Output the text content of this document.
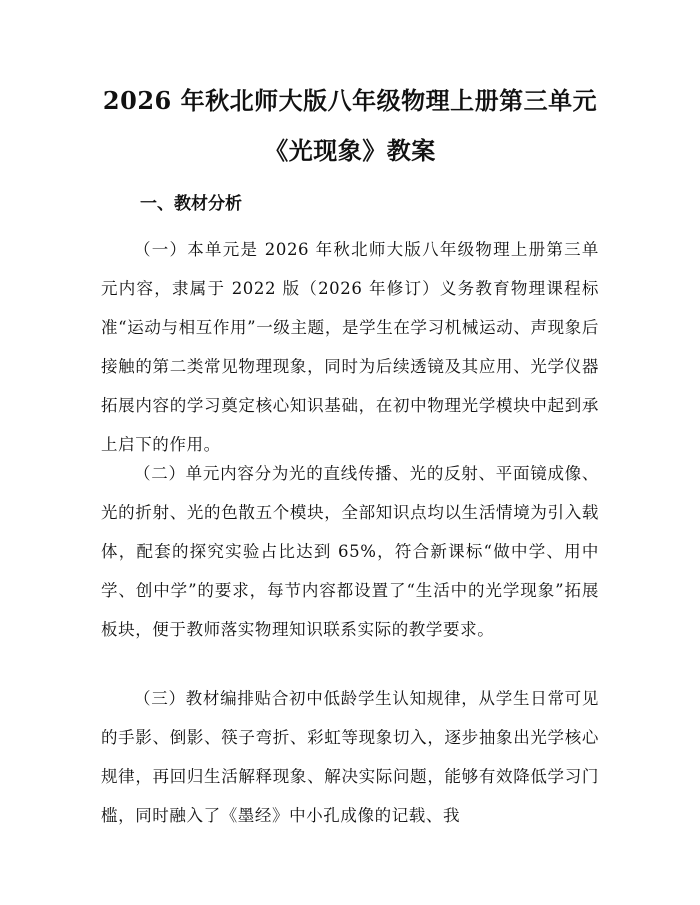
2026 年秋北师大版八年级物理上册第三单元
《光现象》教案
一、教材分析

（一）本单元是 2026 年秋北师大版八年级物理上册第三单元内容，隶属于 2022 版（2026 年修订）义务教育物理课程标准“运动与相互作用”一级主题，是学生在学习机械运动、声现象后接触的第二类常见物理现象，同时为后续透镜及其应用、光学仪器拓展内容的学习奠定核心知识基础，在初中物理光学模块中起到承上启下的作用。

（二）单元内容分为光的直线传播、光的反射、平面镜成像、光的折射、光的色散五个模块，全部知识点均以生活情境为引入载体，配套的探究实验占比达到 65%，符合新课标“做中学、用中学、创中学”的要求，每节内容都设置了“生活中的光学现象”拓展板块，便于教师落实物理知识联系实际的教学要求。

（三）教材编排贴合初中低龄学生认知规律，从学生日常可见的手影、倒影、筷子弯折、彩虹等现象切入，逐步抽象出光学核心规律，再回归生活解释现象、解决实际问题，能够有效降低学习门槛，同时融入了《墨经》中小孔成像的记载、我
